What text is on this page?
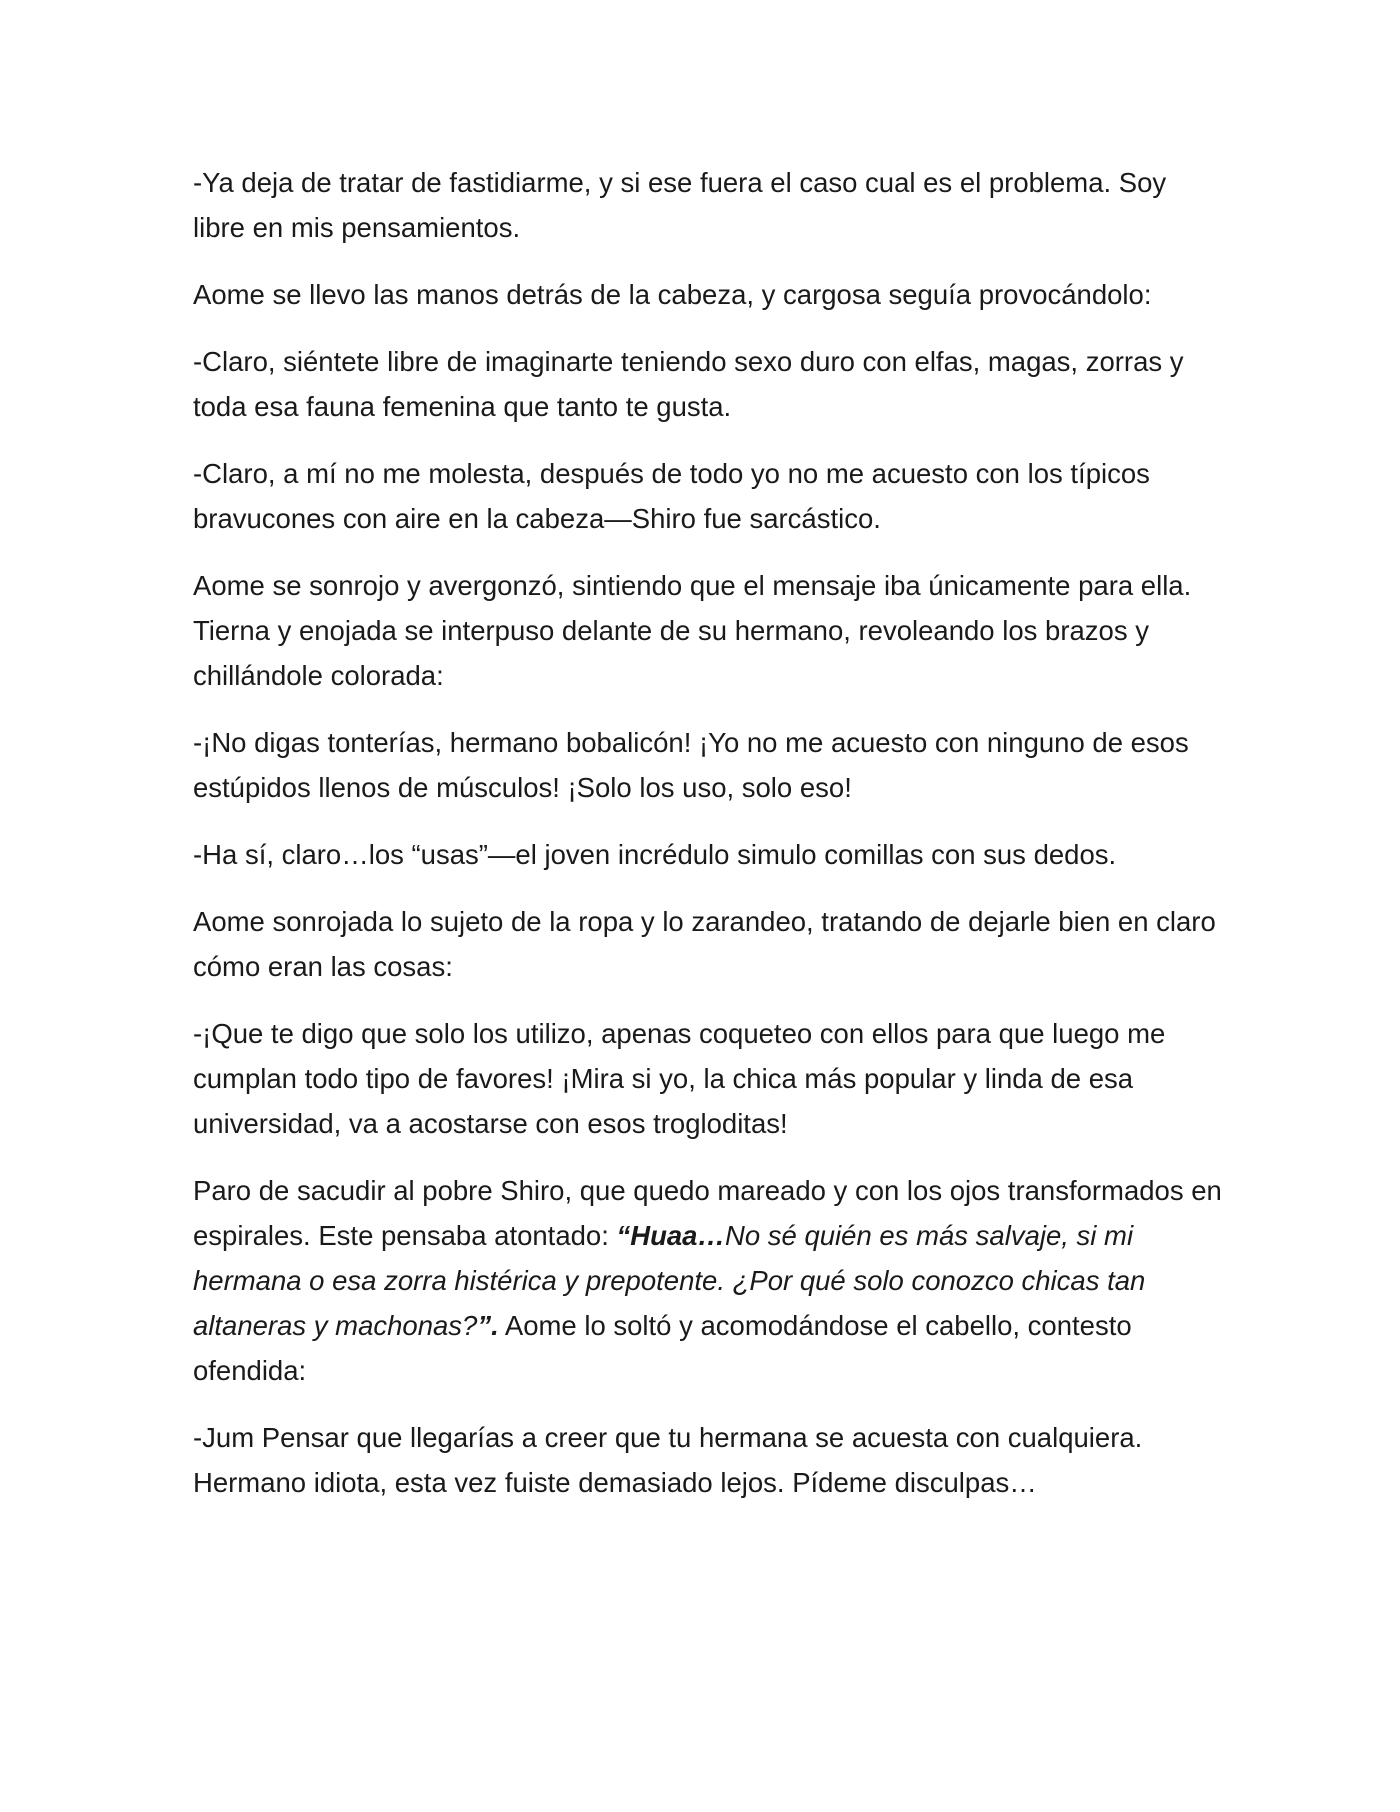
-Ya deja de tratar de fastidiarme, y si ese fuera el caso cual es el problema. Soy libre en mis pensamientos.

Aome se llevo las manos detrás de la cabeza, y cargosa seguía provocándolo:

-Claro, siéntete libre de imaginarte teniendo sexo duro con elfas, magas, zorras y toda esa fauna femenina que tanto te gusta.

-Claro, a mí no me molesta, después de todo yo no me acuesto con los típicos bravucones con aire en la cabeza—Shiro fue sarcástico.

Aome se sonrojo y avergonzó, sintiendo que el mensaje iba únicamente para ella. Tierna y enojada se interpuso delante de su hermano, revoleando los brazos y chillándole colorada:

-¡No digas tonterías, hermano bobalicón! ¡Yo no me acuesto con ninguno de esos estúpidos llenos de músculos! ¡Solo los uso, solo eso!

-Ha sí, claro…los “usas”—el joven incrédulo simulo comillas con sus dedos.

Aome sonrojada lo sujeto de la ropa y lo zarandeo, tratando de dejarle bien en claro cómo eran las cosas:

-¡Que te digo que solo los utilizo, apenas coqueteo con ellos para que luego me cumplan todo tipo de favores! ¡Mira si yo, la chica más popular y linda de esa universidad, va a acostarse con esos trogloditas!

Paro de sacudir al pobre Shiro, que quedo mareado y con los ojos transformados en espirales. Este pensaba atontado: “Huaa…No sé quién es más salvaje, si mi hermana o esa zorra histérica y prepotente. ¿Por qué solo conozco chicas tan altaneras y machonas?”. Aome lo soltó y acomodándose el cabello, contesto ofendida:

-Jum Pensar que llegarías a creer que tu hermana se acuesta con cualquiera. Hermano idiota, esta vez fuiste demasiado lejos. Pídeme disculpas…
